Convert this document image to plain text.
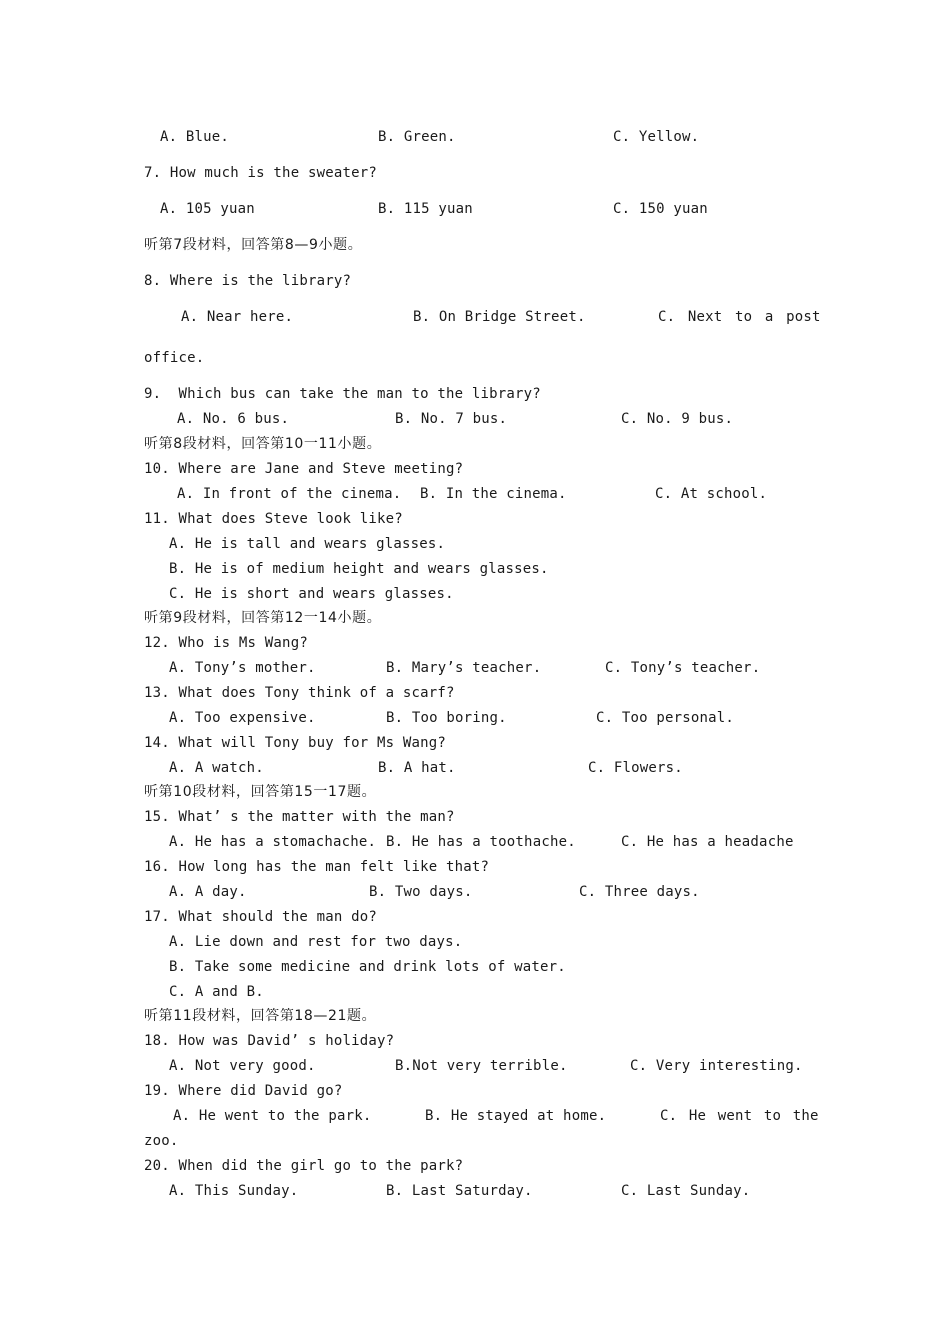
A. Blue.	B. Green.	C. Yellow.
7. How much is the sweater?
A. 105 yuan	B. 115 yuan	C. 150 yuan
听第7段材料，回答第8—9小题。
8. Where is the library?
A. Near here.	B. On Bridge Street.	C. Next to a post
office.
9.  Which bus can take the man to the library?
A. No. 6 bus.	B. No. 7 bus.	C. No. 9 bus.
听第8段材料，回答第10一11小题。
10. Where are Jane and Steve meeting?
A. In front of the cinema. B. In the cinema.	C. At school.
11. What does Steve look like?
A. He is tall and wears glasses.
B. He is of medium height and wears glasses.
C. He is short and wears glasses.
听第9段材料，回答第12一14小题。
12. Who is Ms Wang?
A. Tony’s mother.	B. Mary’s teacher.	C. Tony’s teacher.
13. What does Tony think of a scarf?
A. Too expensive.	B. Too boring.	C. Too personal.
14. What will Tony buy for Ms Wang?
A. A watch.	B. A hat.	C. Flowers.
听第10段材料，回答第15一17题。
15. What’ s the matter with the man?
A. He has a stomachache. B. He has a toothache.	C. He has a headache
16. How long has the man felt like that?
A. A day.	B. Two days.	C. Three days.
17. What should the man do?
A. Lie down and rest for two days.
B. Take some medicine and drink lots of water.
C. A and B.
听第11段材料，回答第18—21题。
18. How was David’ s holiday?
A. Not very good.	B.Not very terrible.	C. Very interesting.
19. Where did David go?
A. He went to the park.	B. He stayed at home.	C. He went to the
zoo.
20. When did the girl go to the park?
A. This Sunday.	B. Last Saturday.	C. Last Sunday.
